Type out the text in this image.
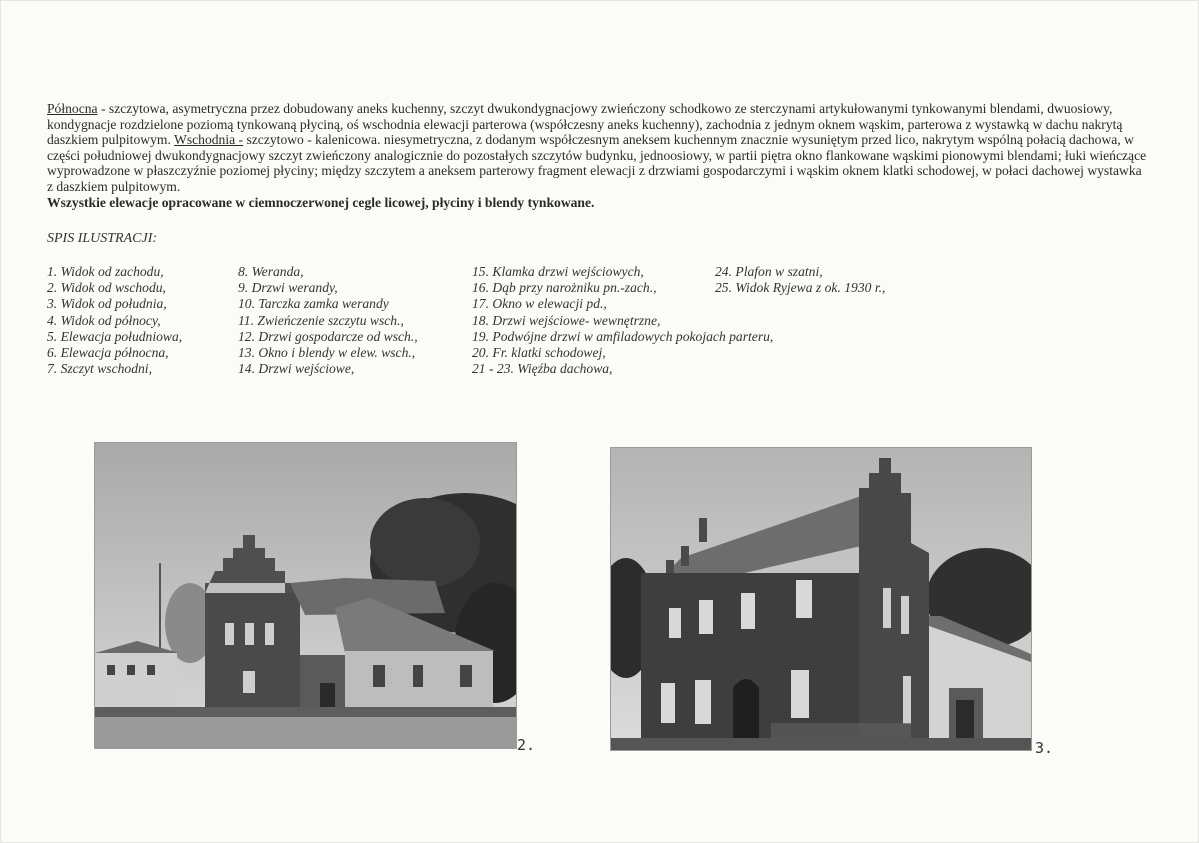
Północna - szczytowa, asymetryczna przez dobudowany aneks kuchenny, szczyt dwukondygnacjowy zwieńczony schodkowo ze sterczynami artykułowanymi tynkowanymi blendami, dwuosiowy, kondygnacje rozdzielone poziomą tynkowaną płyciną, oś wschodnia elewacji parterowa (współczesny aneks kuchenny), zachodnia z jednym oknem wąskim, parterowa z wystawką w dachu nakrytą daszkiem pulpitowym. Wschodnia - szczytowo - kalenicowa. niesymetryczna, z dodanym współczesnym aneksem kuchennym znacznie wysuniętym przed lico, nakrytym wspólną połacią dachowa, w części południowej dwukondygnacjowy szczyt zwieńczony analogicznie do pozostałych szczytów budynku, jednoosiowy, w partii piętra okno flankowane wąskimi pionowymi blendami; łuki wieńczące wyprowadzone w płaszczyźnie poziomej płyciny; między szczytem a aneksem parterowy fragment elewacji z drzwiami gospodarczymi i wąskim oknem klatki schodowej, w połaci dachowej wystawka z daszkiem pulpitowym.

Wszystkie elewacje opracowane w ciemnoczerwonej cegle licowej, płyciny i blendy tynkowane.

SPIS ILUSTRACJI:
1. Widok od zachodu,
2. Widok od wschodu,
3. Widok od południa,
4. Widok od północy,
5. Elewacja południowa,
6. Elewacja północna,
7. Szczyt wschodni,
8. Weranda,
9. Drzwi werandy,
10. Tarczka zamka werandy
11. Zwieńczenie szczytu wsch.,
12. Drzwi gospodarcze od wsch.,
13. Okno i blendy w elew. wsch.,
14. Drzwi wejściowe,
15. Klamka drzwi wejściowych,
16. Dąb przy narożniku pn.-zach.,
17. Okno w elewacji pd.,
18. Drzwi wejściowe- wewnętrzne,
19. Podwójne drzwi w amfiladowych pokojach parteru,
20. Fr. klatki schodowej,
21 - 23. Więźba dachowa,
24. Plafon w szatni,
25. Widok Ryjewa z ok. 1930 r.,
2.	3.
